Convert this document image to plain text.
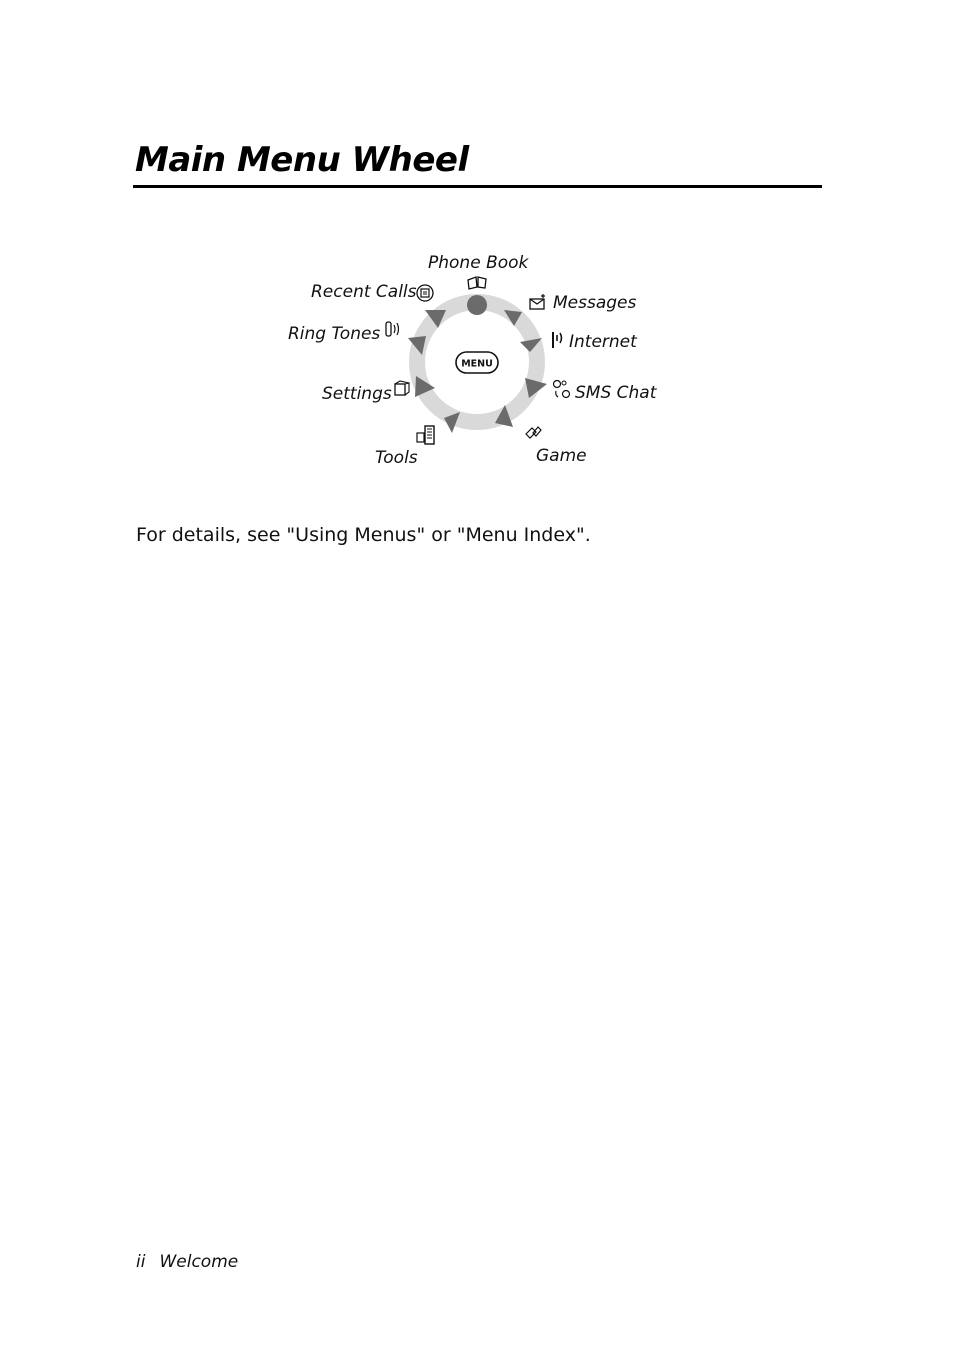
Main Menu Wheel
MENU
Phone Book
Messages
Internet
SMS Chat
Game
Tools
Settings
Ring Tones
Recent Calls
For details, see "Using Menus" or "Menu Index".
ii Welcome
